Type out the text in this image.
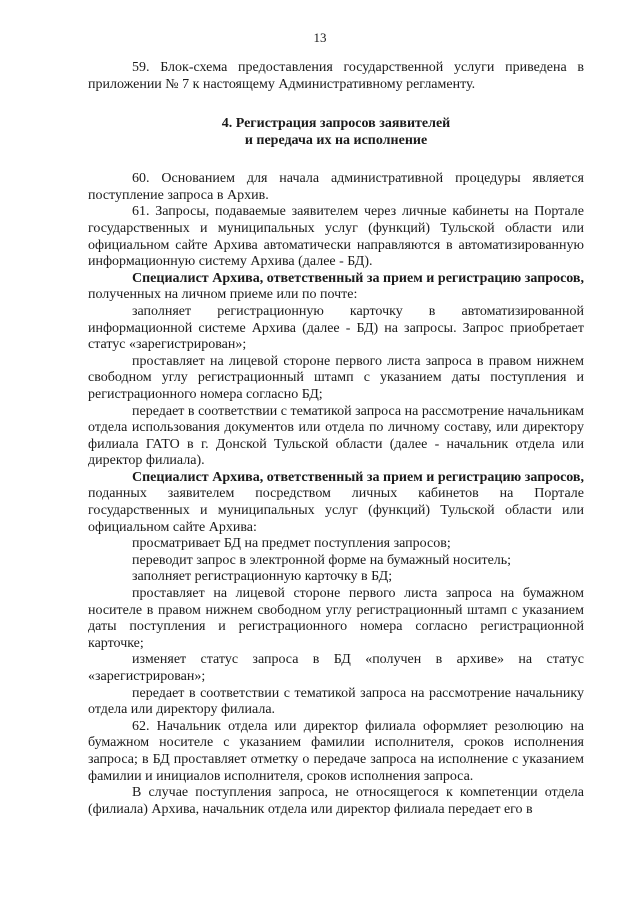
13

59. Блок-схема предоставления государственной услуги приведена в приложении № 7 к настоящему Административному регламенту.

4. Регистрация запросов заявителей
и передача их на исполнение

60. Основанием для начала административной процедуры является поступление запроса в Архив.

61. Запросы, подаваемые заявителем через личные кабинеты на Портале государственных и муниципальных услуг (функций) Тульской области или официальном сайте Архива автоматически направляются в автоматизированную информационную систему Архива (далее - БД).

Специалист Архива, ответственный за прием и регистрацию запросов, полученных на личном приеме или по почте:

заполняет регистрационную карточку в автоматизированной информационной системе Архива (далее - БД) на запросы. Запрос приобретает статус «зарегистрирован»;

проставляет на лицевой стороне первого листа запроса в правом нижнем свободном углу регистрационный штамп с указанием даты поступления и регистрационного номера согласно БД;

передает в соответствии с тематикой запроса на рассмотрение начальникам отдела использования документов или отдела по личному составу, или директору филиала ГАТО в г. Донской Тульской области (далее - начальник отдела или директор филиала).

Специалист Архива, ответственный за прием и регистрацию запросов, поданных заявителем посредством личных кабинетов на Портале государственных и муниципальных услуг (функций) Тульской области или официальном сайте Архива:

просматривает БД на предмет поступления запросов;

переводит запрос в электронной форме на бумажный носитель;

заполняет регистрационную карточку в БД;

проставляет на лицевой стороне первого листа запроса на бумажном носителе в правом нижнем свободном углу регистрационный штамп с указанием даты поступления и регистрационного номера согласно регистрационной карточке;

изменяет статус запроса в БД «получен в архиве» на статус «зарегистрирован»;

передает в соответствии с тематикой запроса на рассмотрение начальнику отдела или директору филиала.

62. Начальник отдела или директор филиала оформляет резолюцию на бумажном носителе с указанием фамилии исполнителя, сроков исполнения запроса; в БД проставляет отметку о передаче запроса на исполнение с указанием фамилии и инициалов исполнителя, сроков исполнения запроса.

В случае поступления запроса, не относящегося к компетенции отдела (филиала) Архива, начальник отдела или директор филиала передает его в
